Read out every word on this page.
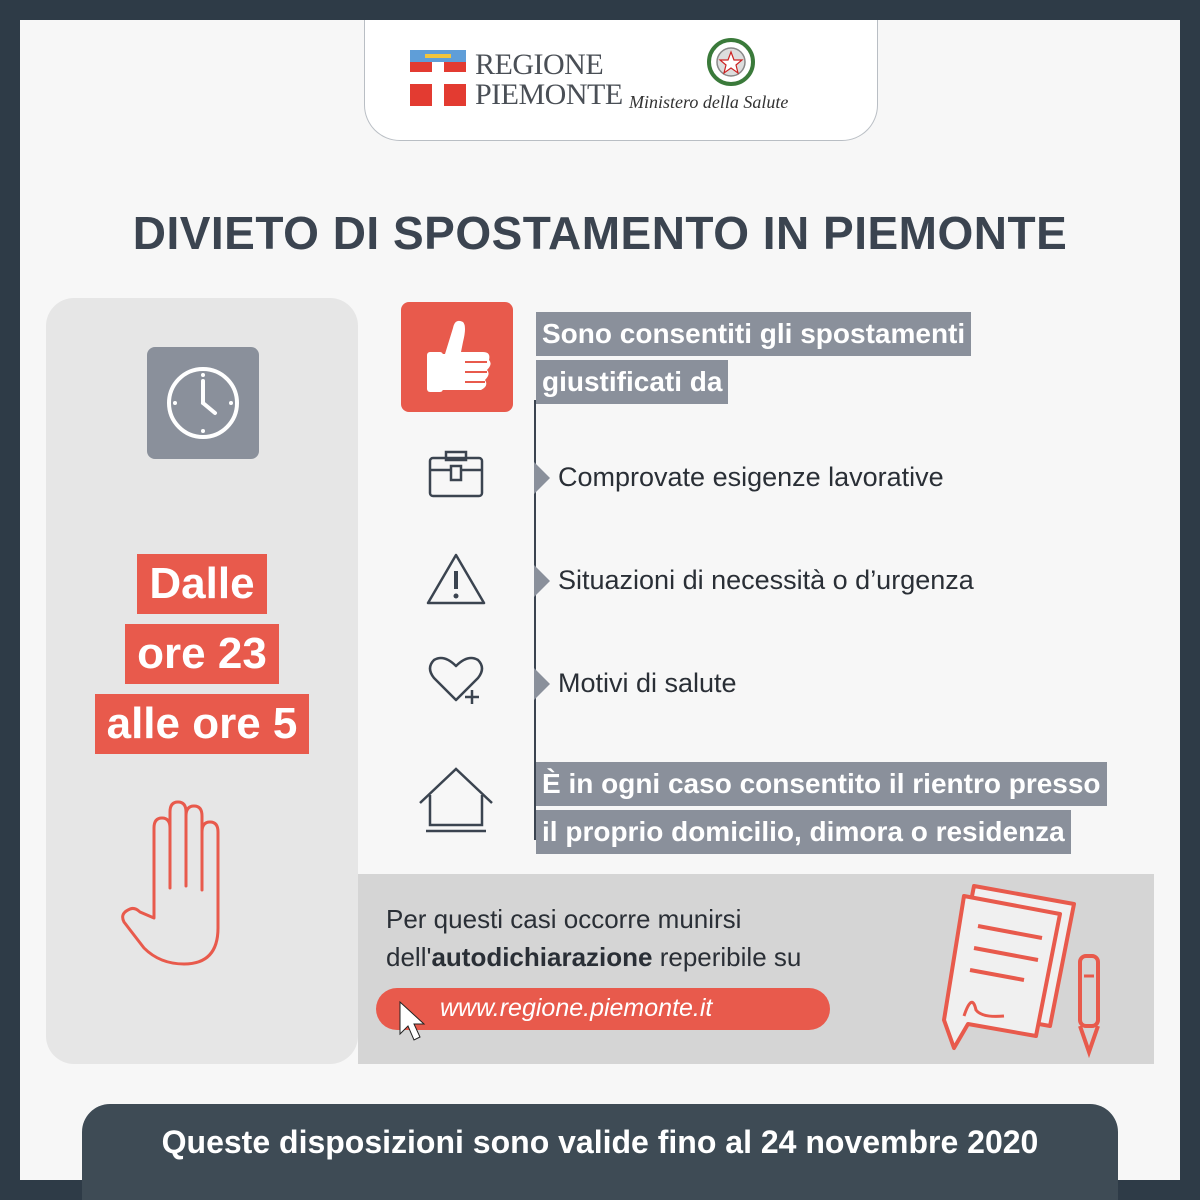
REGIONE
PIEMONTE Ministero della Salute
DIVIETO DI SPOSTAMENTO IN PIEMONTE
Dalle
ore 23
alle ore 5
Sono consentiti gli spostamenti
giustificati da
Comprovate esigenze lavorative
Situazioni di necessità o d’urgenza
Motivi di salute
È in ogni caso consentito il rientro presso
il proprio domicilio, dimora o residenza
Per questi casi occorre munirsi
dell'autodichiarazione reperibile su
www.regione.piemonte.it
Queste disposizioni sono valide fino al 24 novembre 2020
